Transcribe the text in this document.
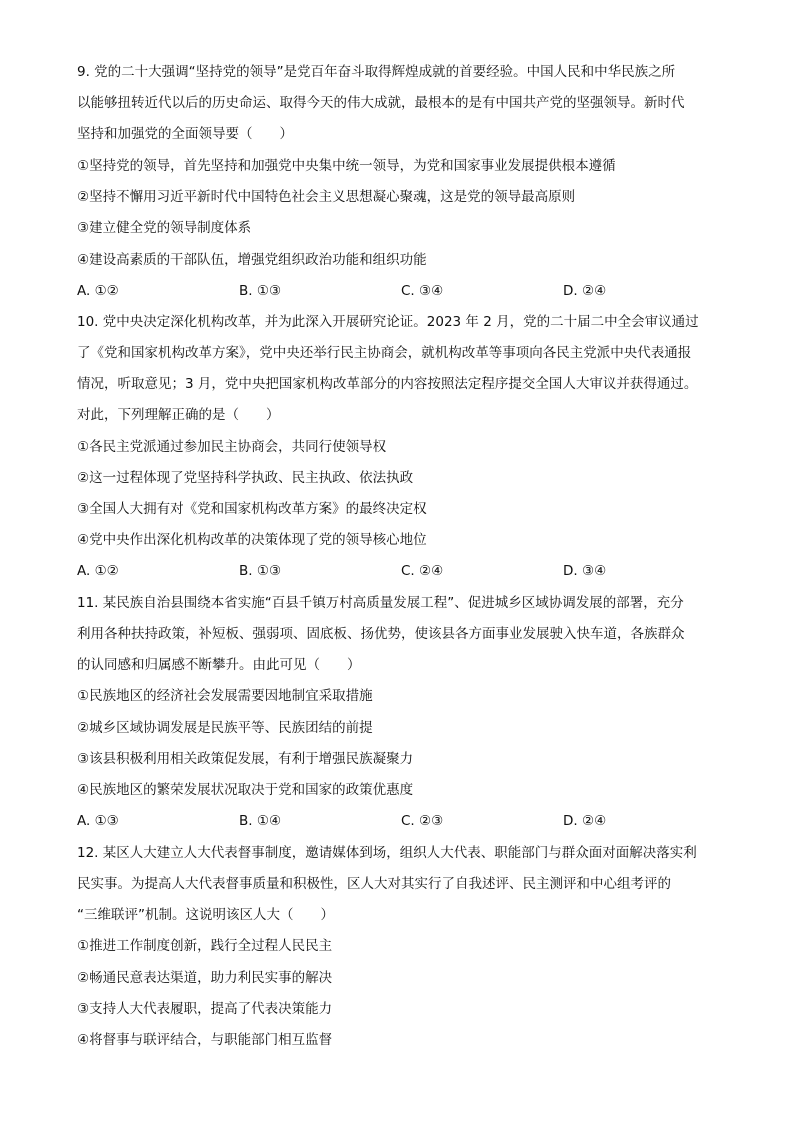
9. 党的二十大强调“坚持党的领导”是党百年奋斗取得辉煌成就的首要经验。中国人民和中华民族之所
以能够扭转近代以后的历史命运、取得今天的伟大成就，最根本的是有中国共产党的坚强领导。新时代
坚持和加强党的全面领导要（　　）
①坚持党的领导，首先坚持和加强党中央集中统一领导，为党和国家事业发展提供根本遵循
②坚持不懈用习近平新时代中国特色社会主义思想凝心聚魂，这是党的领导最高原则
③建立健全党的领导制度体系
④建设高素质的干部队伍，增强党组织政治功能和组织功能
A. ①②	B. ①③	C. ③④	D. ②④
10. 党中央决定深化机构改革，并为此深入开展研究论证。2023 年 2 月，党的二十届二中全会审议通过
了《党和国家机构改革方案》，党中央还举行民主协商会，就机构改革等事项向各民主党派中央代表通报
情况，听取意见；3 月，党中央把国家机构改革部分的内容按照法定程序提交全国人大审议并获得通过。
对此，下列理解正确的是（　　）
①各民主党派通过参加民主协商会，共同行使领导权
②这一过程体现了党坚持科学执政、民主执政、依法执政
③全国人大拥有对《党和国家机构改革方案》的最终决定权
④党中央作出深化机构改革的决策体现了党的领导核心地位
A. ①②	B. ①③	C. ②④	D. ③④
11. 某民族自治县围绕本省实施“百县千镇万村高质量发展工程”、促进城乡区域协调发展的部署，充分
利用各种扶持政策，补短板、强弱项、固底板、扬优势，使该县各方面事业发展驶入快车道，各族群众
的认同感和归属感不断攀升。由此可见（　　）
①民族地区的经济社会发展需要因地制宜采取措施
②城乡区域协调发展是民族平等、民族团结的前提
③该县积极利用相关政策促发展，有利于增强民族凝聚力
④民族地区的繁荣发展状况取决于党和国家的政策优惠度
A. ①③	B. ①④	C. ②③	D. ②④
12. 某区人大建立人大代表督事制度，邀请媒体到场，组织人大代表、职能部门与群众面对面解决落实利
民实事。为提高人大代表督事质量和积极性，区人大对其实行了自我述评、民主测评和中心组考评的
“三维联评”机制。这说明该区人大（　　）
①推进工作制度创新，践行全过程人民民主
②畅通民意表达渠道，助力利民实事的解决
③支持人大代表履职，提高了代表决策能力
④将督事与联评结合，与职能部门相互监督
